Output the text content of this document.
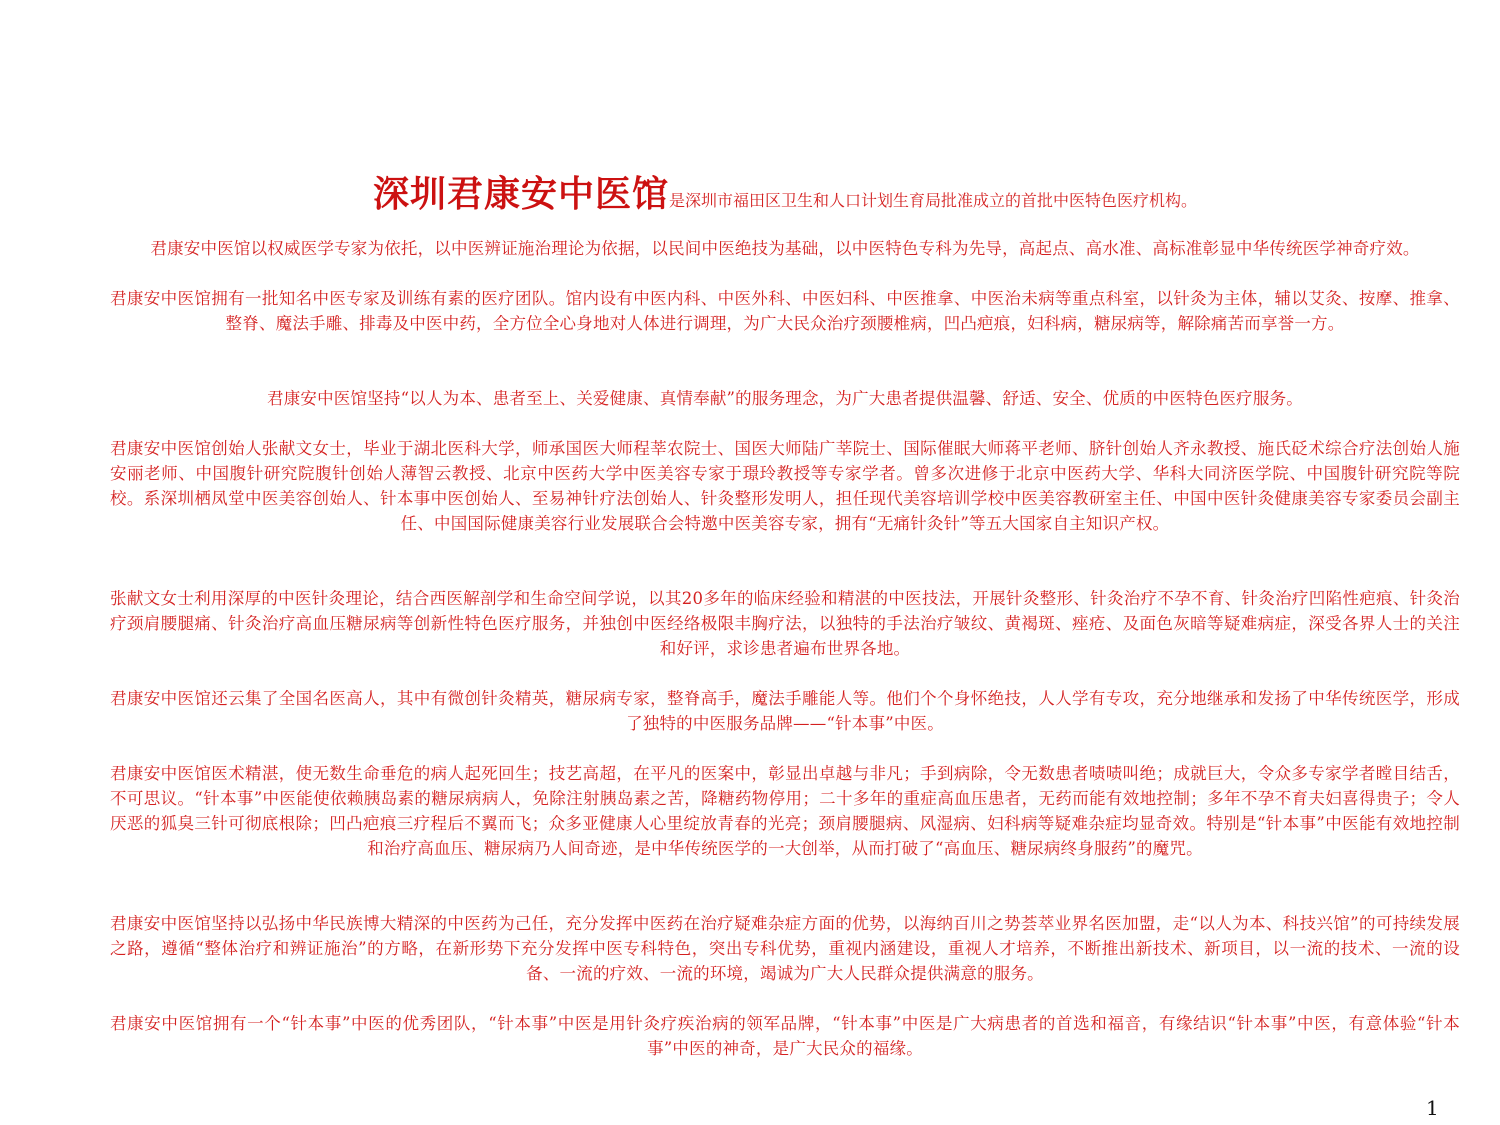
深圳君康安中医馆是深圳市福田区卫生和人口计划生育局批准成立的首批中医特色医疗机构。
君康安中医馆以权威医学专家为依托，以中医辨证施治理论为依据，以民间中医绝技为基础，以中医特色专科为先导，高起点、高水准、高标准彰显中华传统医学神奇疗效。
君康安中医馆拥有一批知名中医专家及训练有素的医疗团队。馆内设有中医内科、中医外科、中医妇科、中医推拿、中医治未病等重点科室，以针灸为主体，辅以艾灸、按摩、推拿、整脊、魔法手雕、排毒及中医中药，全方位全心身地对人体进行调理，为广大民众治疗颈腰椎病，凹凸疤痕，妇科病，糖尿病等，解除痛苦而享誉一方。
君康安中医馆坚持“以人为本、患者至上、关爱健康、真情奉献”的服务理念，为广大患者提供温馨、舒适、安全、优质的中医特色医疗服务。
君康安中医馆创始人张献文女士，毕业于湖北医科大学，师承国医大师程莘农院士、国医大师陆广莘院士、国际催眠大师蒋平老师、脐针创始人齐永教授、施氏砭术综合疗法创始人施安丽老师、中国腹针研究院腹针创始人薄智云教授、北京中医药大学中医美容专家于璟玲教授等专家学者。曾多次进修于北京中医药大学、华科大同济医学院、中国腹针研究院等院校。系深圳栖凤堂中医美容创始人、针本事中医创始人、至易神针疗法创始人、针灸整形发明人，担任现代美容培训学校中医美容教研室主任、中国中医针灸健康美容专家委员会副主任、中国国际健康美容行业发展联合会特邀中医美容专家，拥有“无痛针灸针”等五大国家自主知识产权。
张献文女士利用深厚的中医针灸理论，结合西医解剖学和生命空间学说，以其20多年的临床经验和精湛的中医技法，开展针灸整形、针灸治疗不孕不育、针灸治疗凹陷性疤痕、针灸治疗颈肩腰腿痛、针灸治疗高血压糖尿病等创新性特色医疗服务，并独创中医经络极限丰胸疗法，以独特的手法治疗皱纹、黄褐斑、痤疮、及面色灰暗等疑难病症，深受各界人士的关注和好评，求诊患者遍布世界各地。
君康安中医馆还云集了全国名医高人，其中有微创针灸精英，糖尿病专家，整脊高手，魔法手雕能人等。他们个个身怀绝技，人人学有专攻，充分地继承和发扬了中华传统医学，形成了独特的中医服务品牌——“针本事”中医。
君康安中医馆医术精湛，使无数生命垂危的病人起死回生；技艺高超，在平凡的医案中，彰显出卓越与非凡；手到病除，令无数患者啧啧叫绝；成就巨大，令众多专家学者瞠目结舌，不可思议。“针本事”中医能使依赖胰岛素的糖尿病病人，免除注射胰岛素之苦，降糖药物停用；二十多年的重症高血压患者，无药而能有效地控制；多年不孕不育夫妇喜得贵子；令人厌恶的狐臭三针可彻底根除；凹凸疤痕三疗程后不翼而飞；众多亚健康人心里绽放青春的光亮；颈肩腰腿病、风湿病、妇科病等疑难杂症均显奇效。特别是“针本事”中医能有效地控制和治疗高血压、糖尿病乃人间奇迹，是中华传统医学的一大创举，从而打破了“高血压、糖尿病终身服药”的魔咒。
君康安中医馆坚持以弘扬中华民族博大精深的中医药为己任，充分发挥中医药在治疗疑难杂症方面的优势，以海纳百川之势荟萃业界名医加盟，走“以人为本、科技兴馆”的可持续发展之路，遵循“整体治疗和辨证施治”的方略，在新形势下充分发挥中医专科特色，突出专科优势，重视内涵建设，重视人才培养，不断推出新技术、新项目，以一流的技术、一流的设备、一流的疗效、一流的环境，竭诚为广大人民群众提供满意的服务。
君康安中医馆拥有一个“针本事”中医的优秀团队，“针本事”中医是用针灸疗疾治病的领军品牌，“针本事”中医是广大病患者的首选和福音，有缘结识“针本事”中医，有意体验“针本事”中医的神奇，是广大民众的福缘。
1
